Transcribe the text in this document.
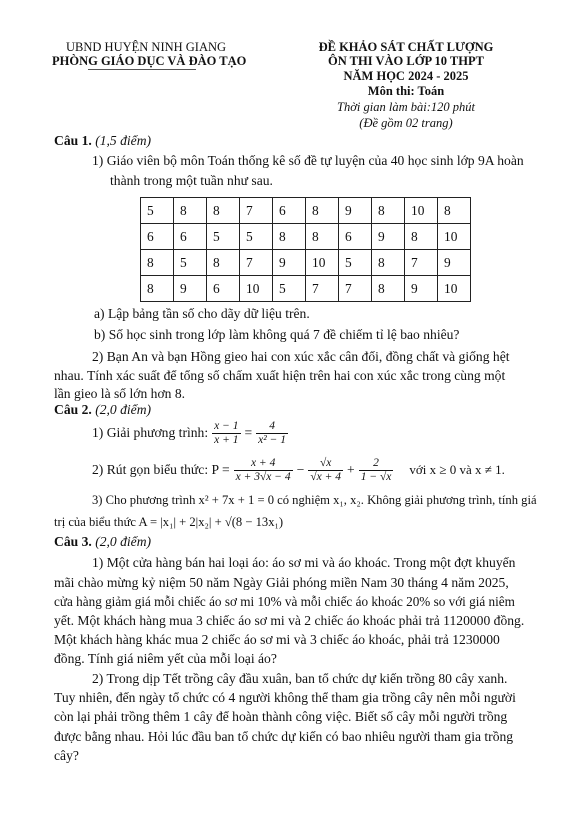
UBND HUYỆN NINH GIANG
PHÒNG GIÁO DỤC VÀ ĐÀO TẠO
ĐỀ KHẢO SÁT CHẤT LƯỢNG
ÔN THI VÀO LỚP 10 THPT
NĂM HỌC 2024 - 2025
Môn thi: Toán
Thời gian làm bài:120 phút
(Đề gồm 02 trang)
Câu 1. (1,5 điểm)
1) Giáo viên bộ môn Toán thống kê số đề tự luyện của 40 học sinh lớp 9A hoàn
thành trong một tuần như sau.
5	8	8	7	6	8	9	8	10	8
6	6	5	5	8	8	6	9	8	10
8	5	8	7	9	10	5	8	7	9
8	9	6	10	5	7	7	8	9	10
a) Lập bảng tần số cho dãy dữ liệu trên.
b) Số học sinh trong lớp làm không quá 7 đề chiếm tỉ lệ bao nhiêu?
2) Bạn An và bạn Hồng gieo hai con xúc xắc cân đối, đồng chất và giống hệt
nhau. Tính xác suất để tổng số chấm xuất hiện trên hai con xúc xắc trong cùng một
lần gieo là số lớn hơn 8.
Câu 2. (2,0 điểm)
1) Giải phương trình: $\frac{x - 1}{x + 1} = \frac{4}{\text{x² − 1}}$
2) Rút gọn biểu thức: $P = \frac{x + 4}{x + 3√x - 4} - \frac{√x}{√x + 4} + \frac{2}{1 - √x}$ với x ≥ 0 và x ≠ 1.
3) Cho phương trình x² + 7x + 1 = 0 có nghiệm x₁, x₂. Không giải phương trình, tính giá
trị của biểu thức A = |x₁| + 2|x₂| + √(8 − 13x₁)
Câu 3. (2,0 điểm)
1) Một cửa hàng bán hai loại áo: áo sơ mi và áo khoác. Trong một đợt khuyến
mãi chào mừng kỷ niệm 50 năm Ngày Giải phóng miền Nam 30 tháng 4 năm 2025,
cửa hàng giảm giá mỗi chiếc áo sơ mi 10% và mỗi chiếc áo khoác 20% so với giá niêm
yết. Một khách hàng mua 3 chiếc áo sơ mi và 2 chiếc áo khoác phải trả 1120000 đồng.
Một khách hàng khác mua 2 chiếc áo sơ mi và 3 chiếc áo khoác, phải trả 1230000
đồng. Tính giá niêm yết của mỗi loại áo?
2) Trong dịp Tết trồng cây đầu xuân, ban tổ chức dự kiến trồng 80 cây xanh.
Tuy nhiên, đến ngày tổ chức có 4 người không thể tham gia trồng cây nên mỗi người
còn lại phải trồng thêm 1 cây để hoàn thành công việc. Biết số cây mỗi người trồng
được bằng nhau. Hỏi lúc đầu ban tổ chức dự kiến có bao nhiêu người tham gia trồng
cây?
